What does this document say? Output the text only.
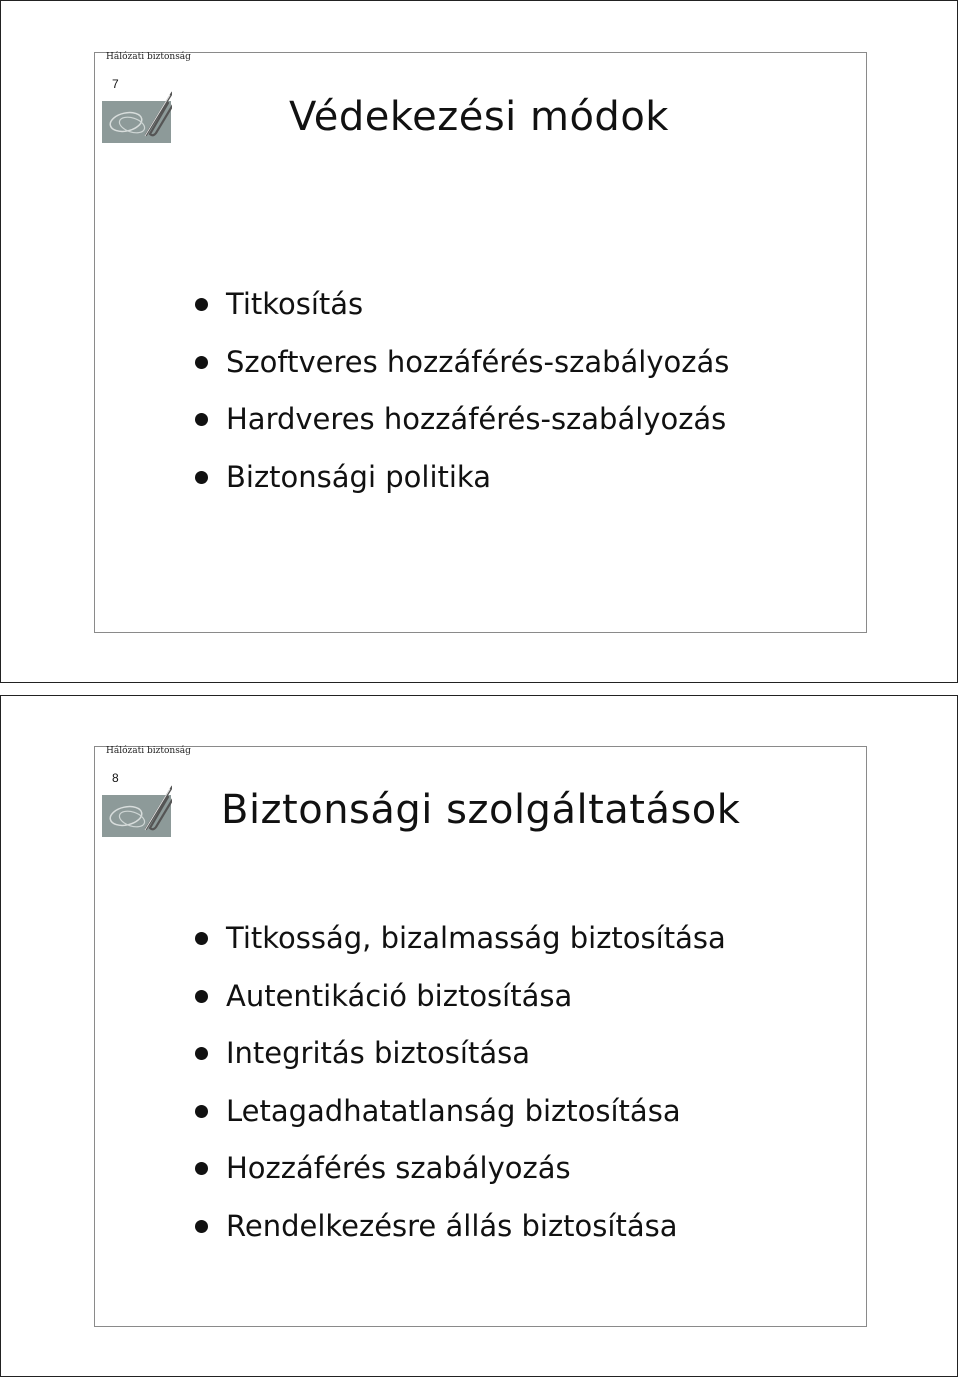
Hálózati biztonság
7
Védekezési módok
Titkosítás
Szoftveres hozzáférés-szabályozás
Hardveres hozzáférés-szabályozás
Biztonsági politika
Hálózati biztonság
8
Biztonsági szolgáltatások
Titkosság, bizalmasság biztosítása
Autentikáció biztosítása
Integritás biztosítása
Letagadhatatlanság biztosítása
Hozzáférés szabályozás
Rendelkezésre állás biztosítása
